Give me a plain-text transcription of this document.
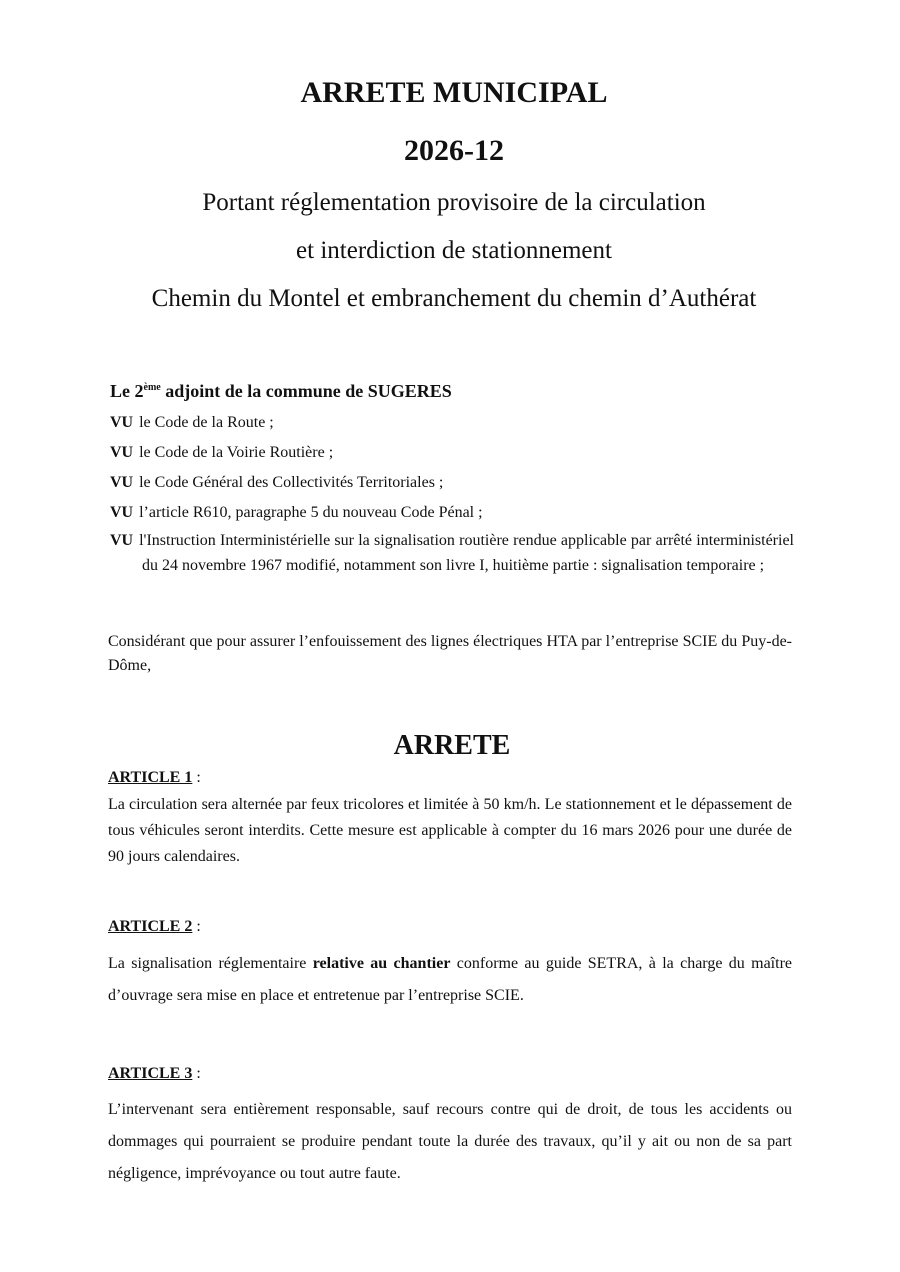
ARRETE MUNICIPAL
2026-12
Portant réglementation provisoire de la circulation
et interdiction de stationnement
Chemin du Montel et embranchement du chemin d’Authérat
Le 2ème adjoint de la commune de SUGERES
VU le Code de la Route ;
VU le Code de la Voirie Routière ;
VU le Code Général des Collectivités Territoriales ;
VU l’article R610, paragraphe 5 du nouveau Code Pénal ;
VU l'Instruction Interministérielle sur la signalisation routière rendue applicable par arrêté interministériel du 24 novembre 1967 modifié, notamment son livre I, huitième partie : signalisation temporaire ;
Considérant que pour assurer l’enfouissement des lignes électriques HTA par l’entreprise SCIE du Puy-de-Dôme,
ARRETE
ARTICLE 1 :
La circulation sera alternée par feux tricolores et limitée à 50 km/h. Le stationnement et le dépassement de tous véhicules seront interdits. Cette mesure est applicable à compter du 16 mars 2026 pour une durée de 90 jours calendaires.
ARTICLE 2 :
La signalisation réglementaire relative au chantier conforme au guide SETRA, à la charge du maître d’ouvrage sera mise en place et entretenue par l’entreprise SCIE.
ARTICLE 3 :
L’intervenant sera entièrement responsable, sauf recours contre qui de droit, de tous les accidents ou dommages qui pourraient se produire pendant toute la durée des travaux, qu’il y ait ou non de sa part négligence, imprévoyance ou tout autre faute.
